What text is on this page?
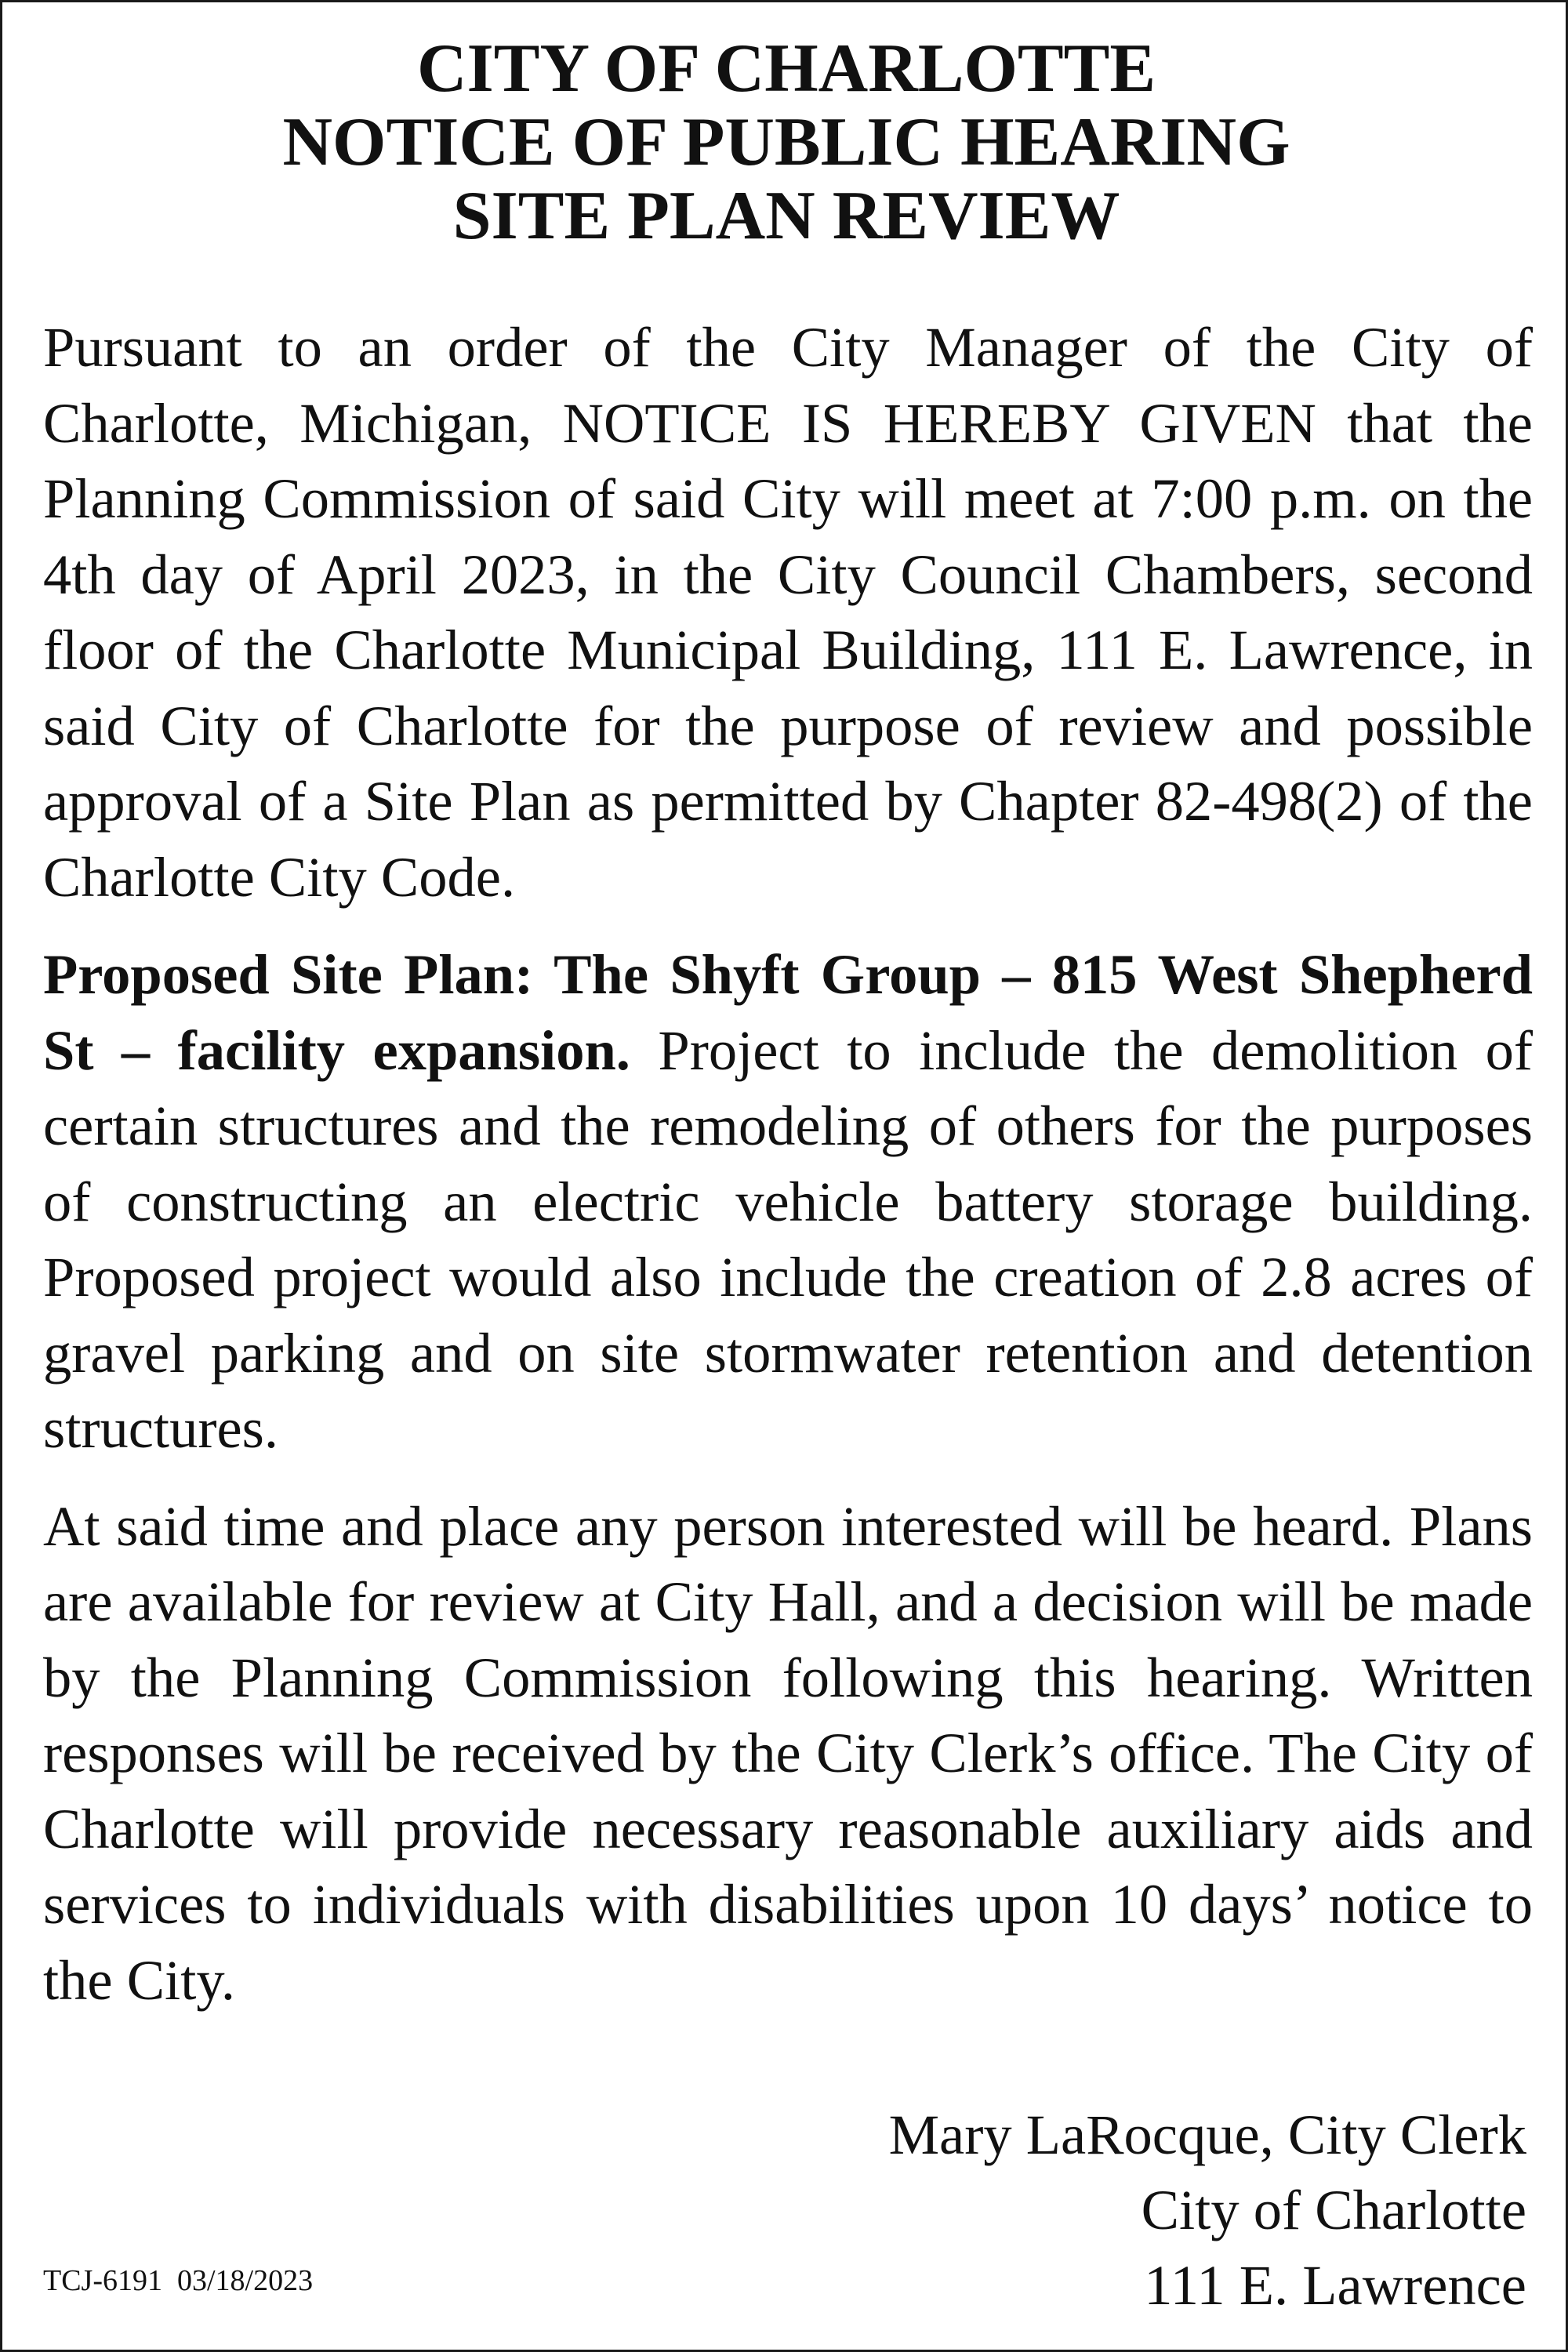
CITY OF CHARLOTTE
NOTICE OF PUBLIC HEARING
SITE PLAN REVIEW

Pursuant to an order of the City Manager of the City of Charlotte, Michigan, NOTICE IS HEREBY GIVEN that the Planning Commission of said City will meet at 7:00 p.m. on the 4th day of April 2023, in the City Council Chambers, second floor of the Charlotte Municipal Building, 111 E. Lawrence, in said City of Charlotte for the purpose of review and possible approval of a Site Plan as permitted by Chapter 82-498(2) of the Charlotte City Code.

Proposed Site Plan: The Shyft Group – 815 West Shepherd St – facility expansion. Project to include the demolition of certain structures and the remodeling of others for the purposes of constructing an electric vehicle battery storage building. Proposed project would also include the creation of 2.8 acres of gravel parking and on site stormwater retention and detention structures.

At said time and place any person interested will be heard. Plans are available for review at City Hall, and a decision will be made by the Planning Commission following this hearing. Written responses will be received by the City Clerk’s office. The City of Charlotte will provide necessary reasonable auxiliary aids and services to individuals with disabilities upon 10 days’ notice to the City.

Mary LaRocque, City Clerk
City of Charlotte
111 E. Lawrence
TCJ-6191  03/18/2023
